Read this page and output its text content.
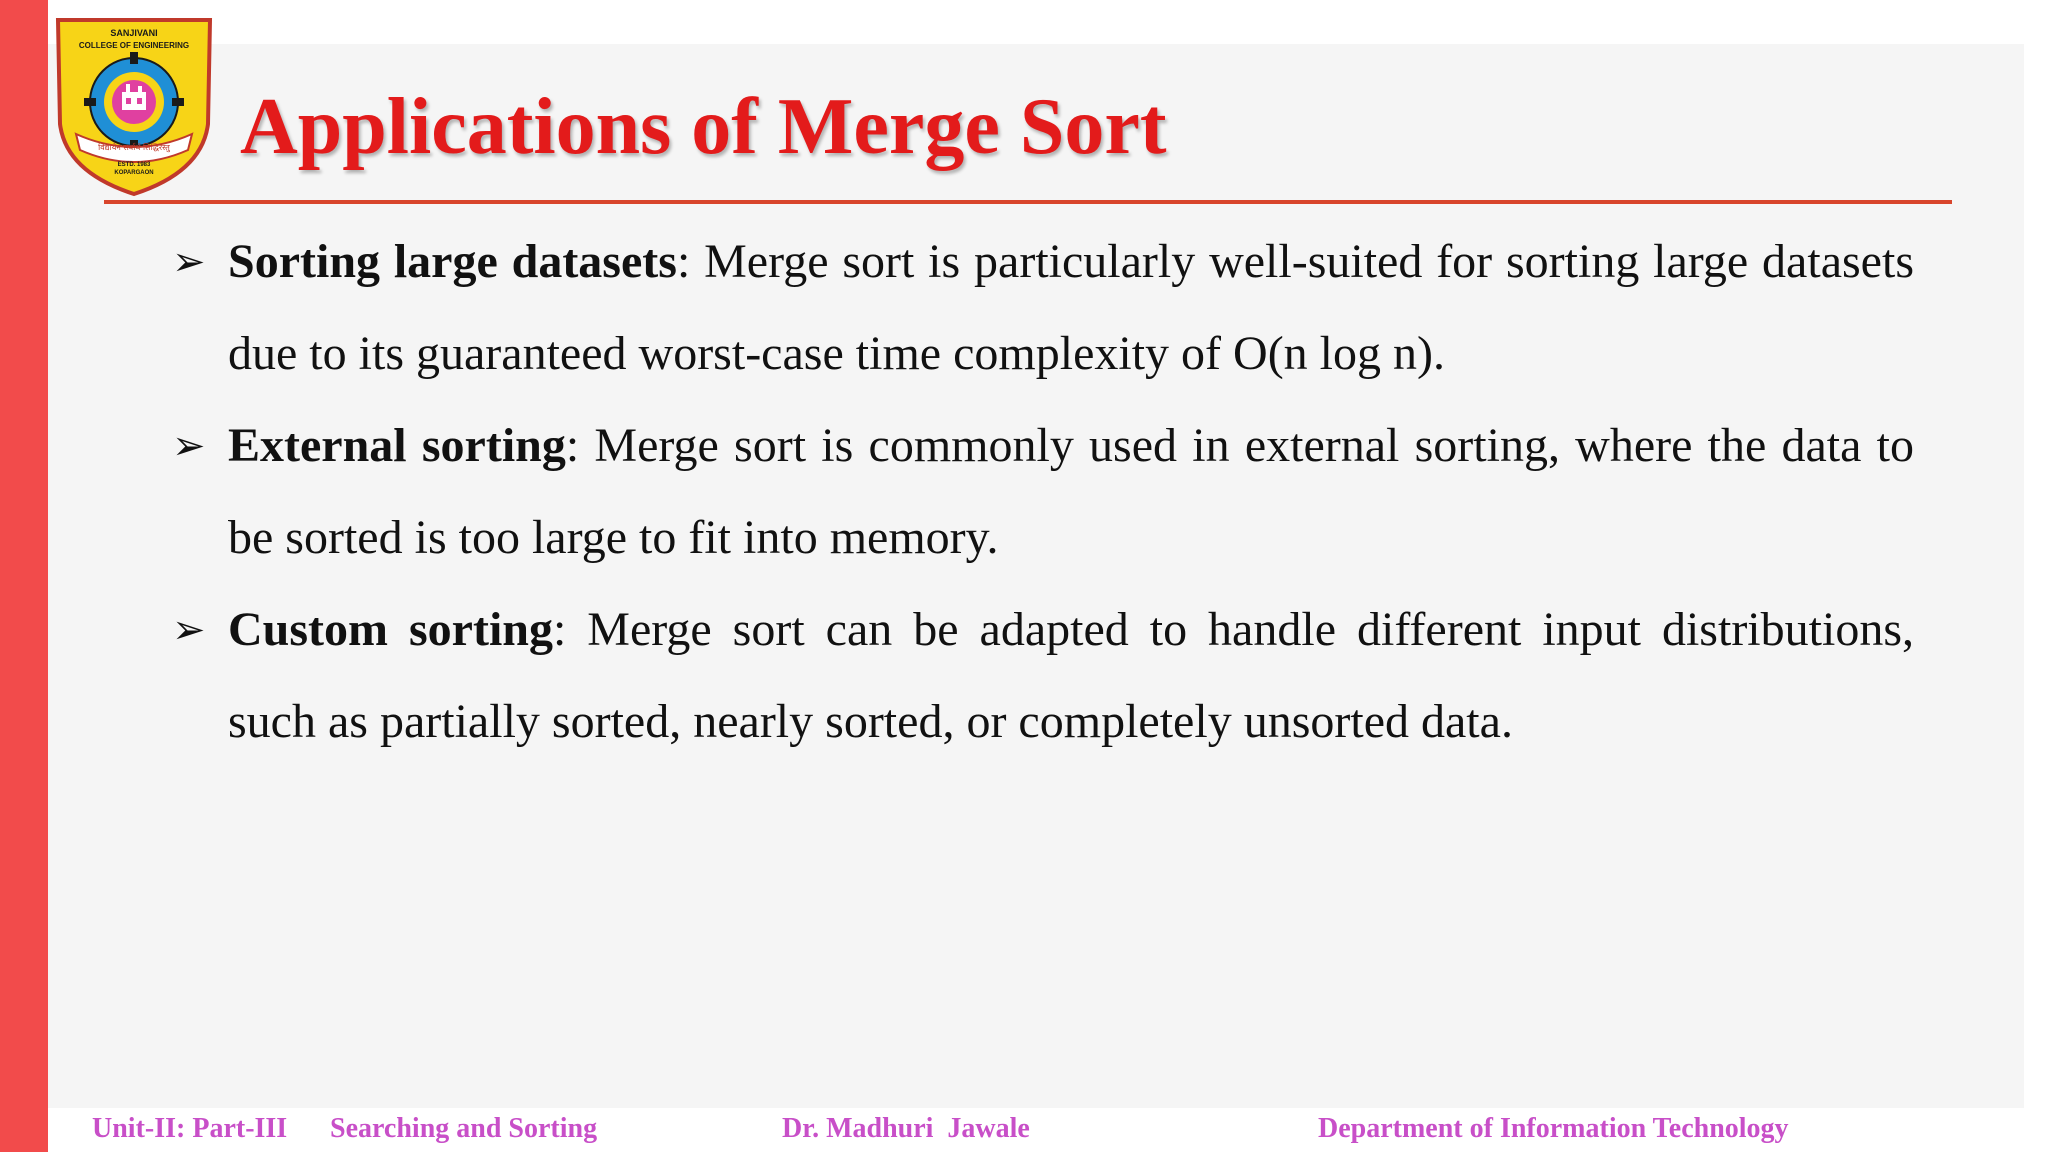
SANJIVANI
COLLEGE OF ENGINEERING
विद्यायेन सर्वार्थ सिद्धिरस्तु
ESTD. 1983
KOPARGAON
Applications of Merge Sort
➢ Sorting large datasets: Merge sort is particularly well-suited for sorting large datasets due to its guaranteed worst-case time complexity of O(n log n).
➢ External sorting: Merge sort is commonly used in external sorting, where the data to be sorted is too large to fit into memory.
➢ Custom sorting: Merge sort can be adapted to handle different input distributions, such as partially sorted, nearly sorted, or completely unsorted data.
Unit-II: Part-III Searching and Sorting	Dr. Madhuri  Jawale	Department of Information Technology
